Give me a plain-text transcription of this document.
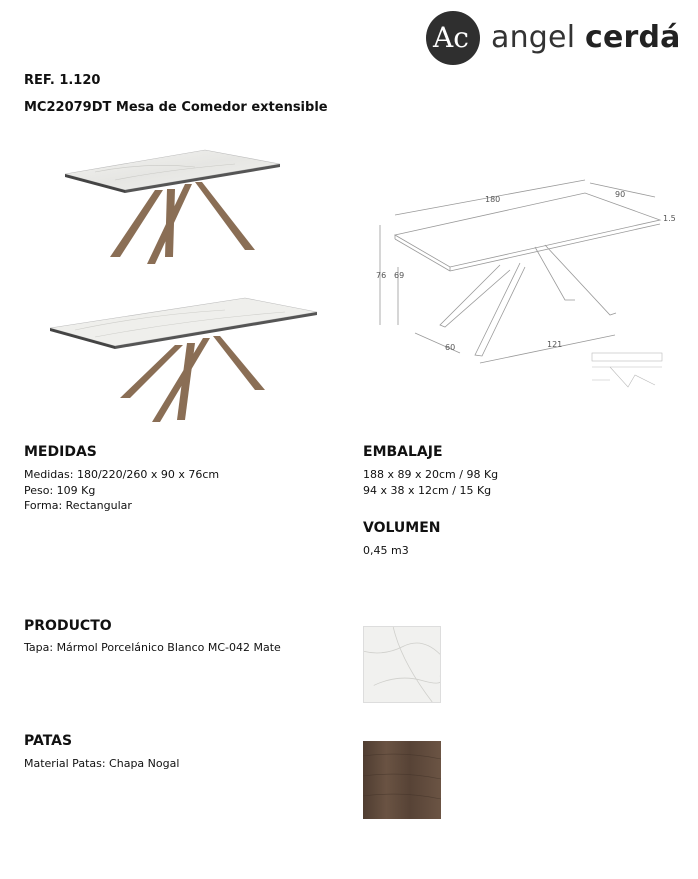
Ac angel cerdá
REF. 1.120
MC22079DT Mesa de Comedor extensible
180
90
1.5
76 69
60	121
MEDIDAS
Medidas: 180/220/260 x 90 x 76cm
Peso: 109 Kg
Forma: Rectangular
EMBALAJE
188 x 89 x 20cm / 98 Kg
94 x 38 x 12cm / 15 Kg
VOLUMEN
0,45 m3
PRODUCTO
Tapa: Mármol Porcelánico Blanco MC-042 Mate
PATAS
Material Patas: Chapa Nogal
